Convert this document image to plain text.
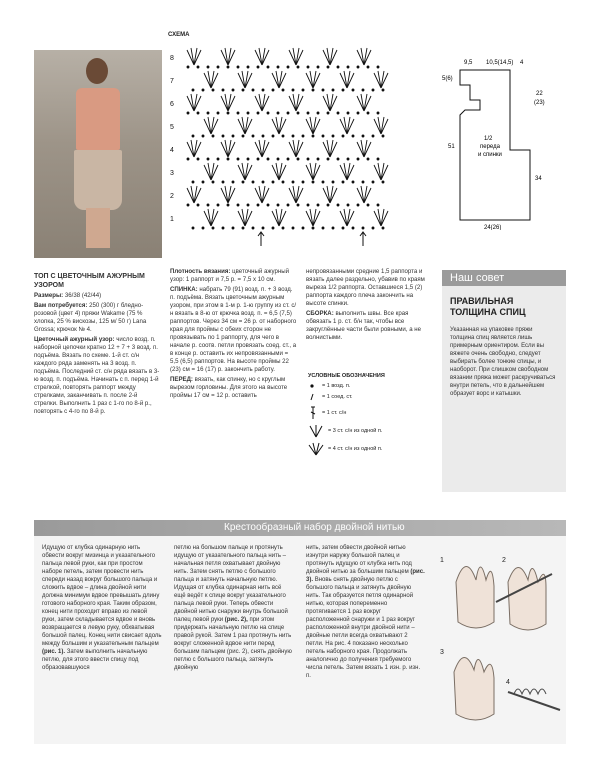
СХЕМА
8
7
6
5
4
3
2
1
9,5 10,5(14,5) 4
5(6)
22
(23)
1/2
переда
и спинки
51
34
24(26)

ТОП С ЦВЕТОЧНЫМ АЖУРНЫМ УЗОРОМ

Размеры: 36/38 (42/44)

Вам потребуется: 250 (300) г бледно-розовой (цвет 4) пряжи Wakame (75 % хлопка, 25 % вискозы, 125 м/ 50 г) Lana Grossa; крючок № 4.

Цветочный ажурный узор: число возд. п. наборной цепочки кратно 12 + 7 + 3 возд. п. подъёма. Вязать по схеме. 1-й ст. с/н каждого ряда заменять на 3 возд. п. подъёма. Последний ст. с/н ряда вязать в 3-ю возд. п. подъёма. Начинать с п. перед 1-й стрелкой, повторять раппорт между стрелками, заканчивать п. после 2-й стрелки. Выполнить 1 раз с 1-го по 8-й р., повторять с 4-го по 8-й р.

Плотность вязания: цветочный ажурный узор: 1 раппорт и 7,5 р. = 7,5 х 10 см.

СПИНКА: набрать 79 (91) возд. п. + 3 возд. п. подъёма. Вязать цветочным ажурным узором, при этом в 1-м р. 1-ю группу из ст. с/н вязать в 8-ю от крючка возд. п. = 6,5 (7,5) раппортов. Через 34 см = 26 р. от наборного края для проймы с обеих сторон не провязывать по 1 раппорту, для чего в начале р. соотв. петли провязать соед. ст., а в конце р. оставить их непровязанными = 5,5 (6,5) раппортов. На высоте проймы 22 (23) см = 16 (17) р. закончить работу.

ПЕРЕД: вязать, как спинку, но с круглым вырезом горловины. Для этого на высоте проймы 17 см = 12 р. оставить

непровязанными средние 1,5 раппорта и вязать далее раздельно, убавив по краям выреза 1/2 раппорта. Оставшиеся 1,5 (2) раппорта каждого плеча закончить на высоте спинки.

СБОРКА: выполнить швы. Все края обвязать 1 р. ст. б/н так, чтобы все закруглённые части были ровными, а не волнистыми.

УСЛОВНЫЕ ОБОЗНАЧЕНИЯ
= 1 возд. п.
= 1 соед. ст.
= 1 ст. с/н
= 3 ст. с/н из одной п.
= 4 ст. с/н из одной п.
Наш совет
ПРАВИЛЬНАЯ ТОЛЩИНА СПИЦ
Указанная на упаковке пряжи толщина спиц является лишь примерным ориентиром. Если вы вяжете очень свободно, следует выбирать более тонкие спицы, и наоборот. При слишком свободном вязании пряжа может раскручиваться внутри петель, что в дальнейшем образует ворс и катышки.
Крестообразный набор двойной нитью
Идущую от клубка одинарную нить обвести вокруг мизинца и указательного пальца левой руки, как при простом наборе петель, затем провести нить спереди назад вокруг большого пальца и сложить вдвое – длина двойной нити должна минимум вдвое превышать длину готового наборного края. Таким образом, конец нити проходит вправо из левой руки, затем складывается вдвое и вновь возвращается в левую руку, обхватывая большой палец. Конец нити свисает вдоль между большим и указательным пальцем (рис. 1). Затем выполнить начальную петлю, для этого ввести спицу под образовавшуюся
петлю на большом пальце и протянуть идущую от указательного пальца нить – начальная петля охватывает двойную нить. Затем снять петлю с большого пальца и затянуть начальную петлю. Идущая от клубка одинарная нить всё ещё ведёт к спице вокруг указательного пальца левой руки. Теперь обвести двойной нитью снаружи внутрь большой палец левой руки (рис. 2), при этом придержать начальную петлю на спице правой рукой. Затем 1 раз протянуть нить вокруг сложенной вдвое нити перед большим пальцем (рис. 2), снять двойную петлю с большого пальца, затянуть двойную
нить, затем обвести двойной нитью изнутри наружу большой палец и протянуть идущую от клубка нить под двойной нитью за большим пальцем (рис. 3). Вновь снять двойную петлю с большого пальца и затянуть двойную нить. Так образуется петля одинарной нитью, которая попеременно протягивается 1 раз вокруг расположенной снаружи и 1 раз вокруг расположенной внутри двойной нити – двойные петли всегда охватывают 2 петли. На рис. 4 показано несколько петель наборного края. Продолжать аналогично до получения требуемого числа петель. Затем вязать 1 изн. р. изн. п.
1	2
3
4
